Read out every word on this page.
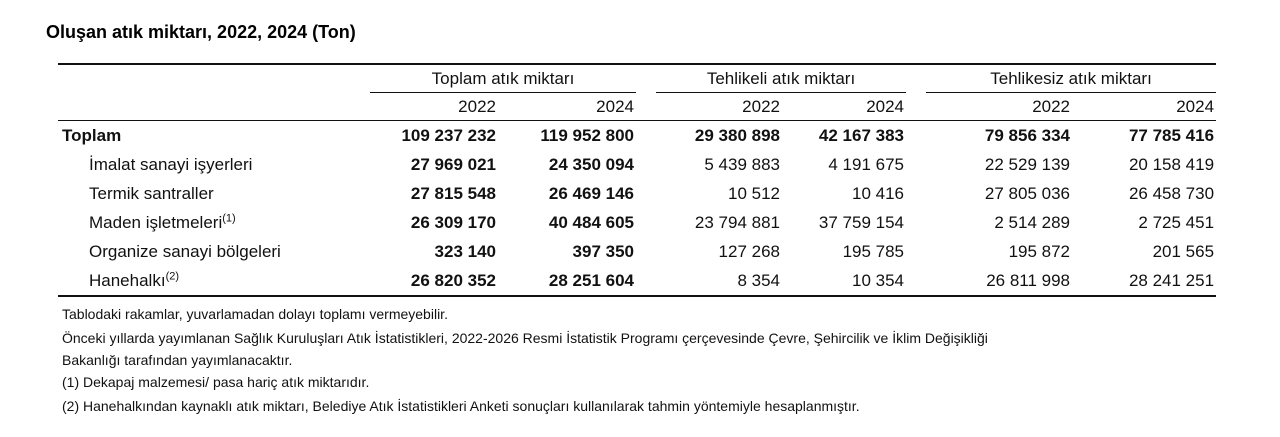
Oluşan atık miktarı, 2022, 2024 (Ton)
	Toplam atık miktarı			Tehlikeli atık miktarı			Tehlikesiz atık miktarı	
	2022	2024		2022	2024		2022	2024
Toplam	109 237 232	119 952 800		29 380 898	42 167 383		79 856 334	77 785 416
İmalat sanayi işyerleri	27 969 021	24 350 094		5 439 883	4 191 675		22 529 139	20 158 419
Termik santraller	27 815 548	26 469 146		10 512	10 416		27 805 036	26 458 730
Maden işletmeleri$^{(1)}$	26 309 170	40 484 605		23 794 881	37 759 154		2 514 289	2 725 451
Organize sanayi bölgeleri	323 140	397 350		127 268	195 785		195 872	201 565
Hanehalkı$^{(2)}$	26 820 352	28 251 604		8 354	10 354		26 811 998	28 241 251

Tablodaki rakamlar, yuvarlamadan dolayı toplamı vermeyebilir.

Önceki yıllarda yayımlanan Sağlık Kuruluşları Atık İstatistikleri, 2022-2026 Resmi İstatistik Programı çerçevesinde Çevre, Şehircilik ve İklim Değişikliği

Bakanlığı tarafından yayımlanacaktır.

(1) Dekapaj malzemesi/ pasa hariç atık miktarıdır.

(2) Hanehalkından kaynaklı atık miktarı, Belediye Atık İstatistikleri Anketi sonuçları kullanılarak tahmin yöntemiyle hesaplanmıştır.
